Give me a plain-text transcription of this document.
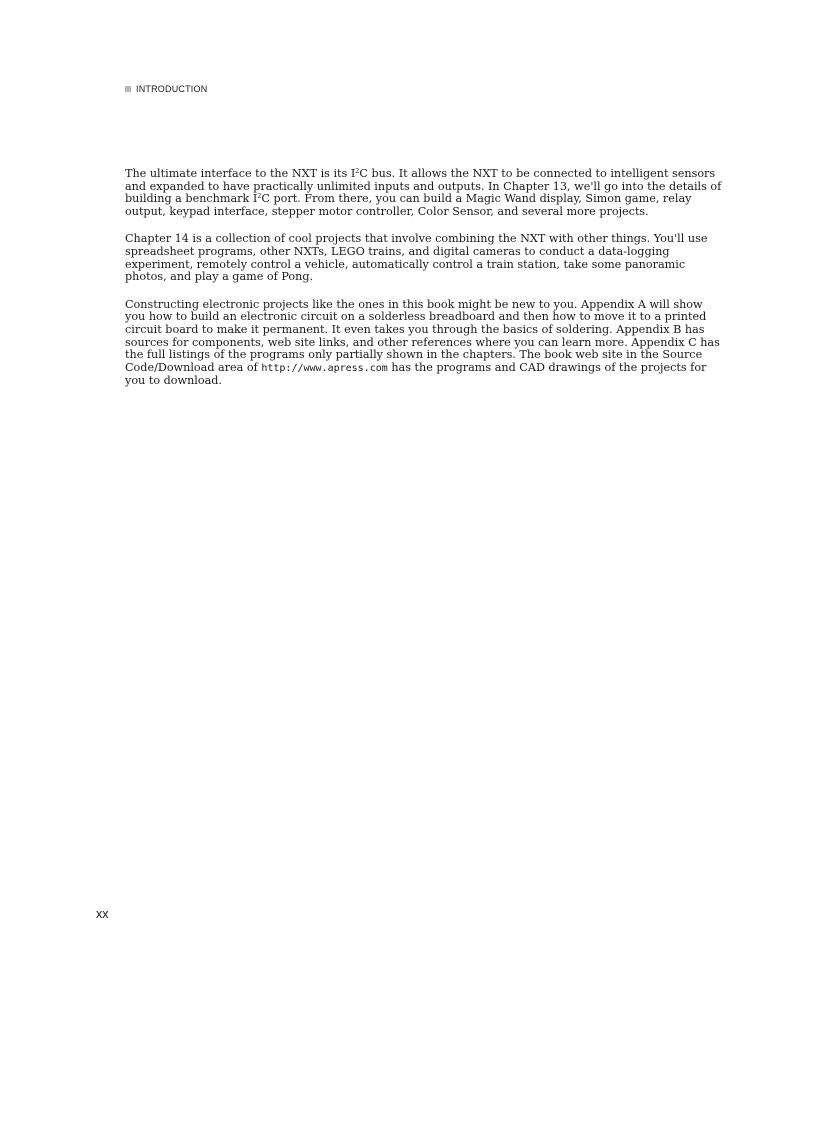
INTRODUCTION

The ultimate interface to the NXT is its $I^2C$ bus. It allows the NXT to be connected to intelligent sensors
and expanded to have practically unlimited inputs and outputs. In Chapter 13, we'll go into the details of
building a benchmark $I^2C$ port. From there, you can build a Magic Wand display, Simon game, relay
output, keypad interface, stepper motor controller, Color Sensor, and several more projects.

Chapter 14 is a collection of cool projects that involve combining the NXT with other things. You'll use
spreadsheet programs, other NXTs, LEGO trains, and digital cameras to conduct a data-logging
experiment, remotely control a vehicle, automatically control a train station, take some panoramic
photos, and play a game of Pong.

Constructing electronic projects like the ones in this book might be new to you. Appendix A will show
you how to build an electronic circuit on a solderless breadboard and then how to move it to a printed
circuit board to make it permanent. It even takes you through the basics of soldering. Appendix B has
sources for components, web site links, and other references where you can learn more. Appendix C has
the full listings of the programs only partially shown in the chapters. The book web site in the Source
Code/Download area of http://www.apress.com has the programs and CAD drawings of the projects for
you to download.

xx
